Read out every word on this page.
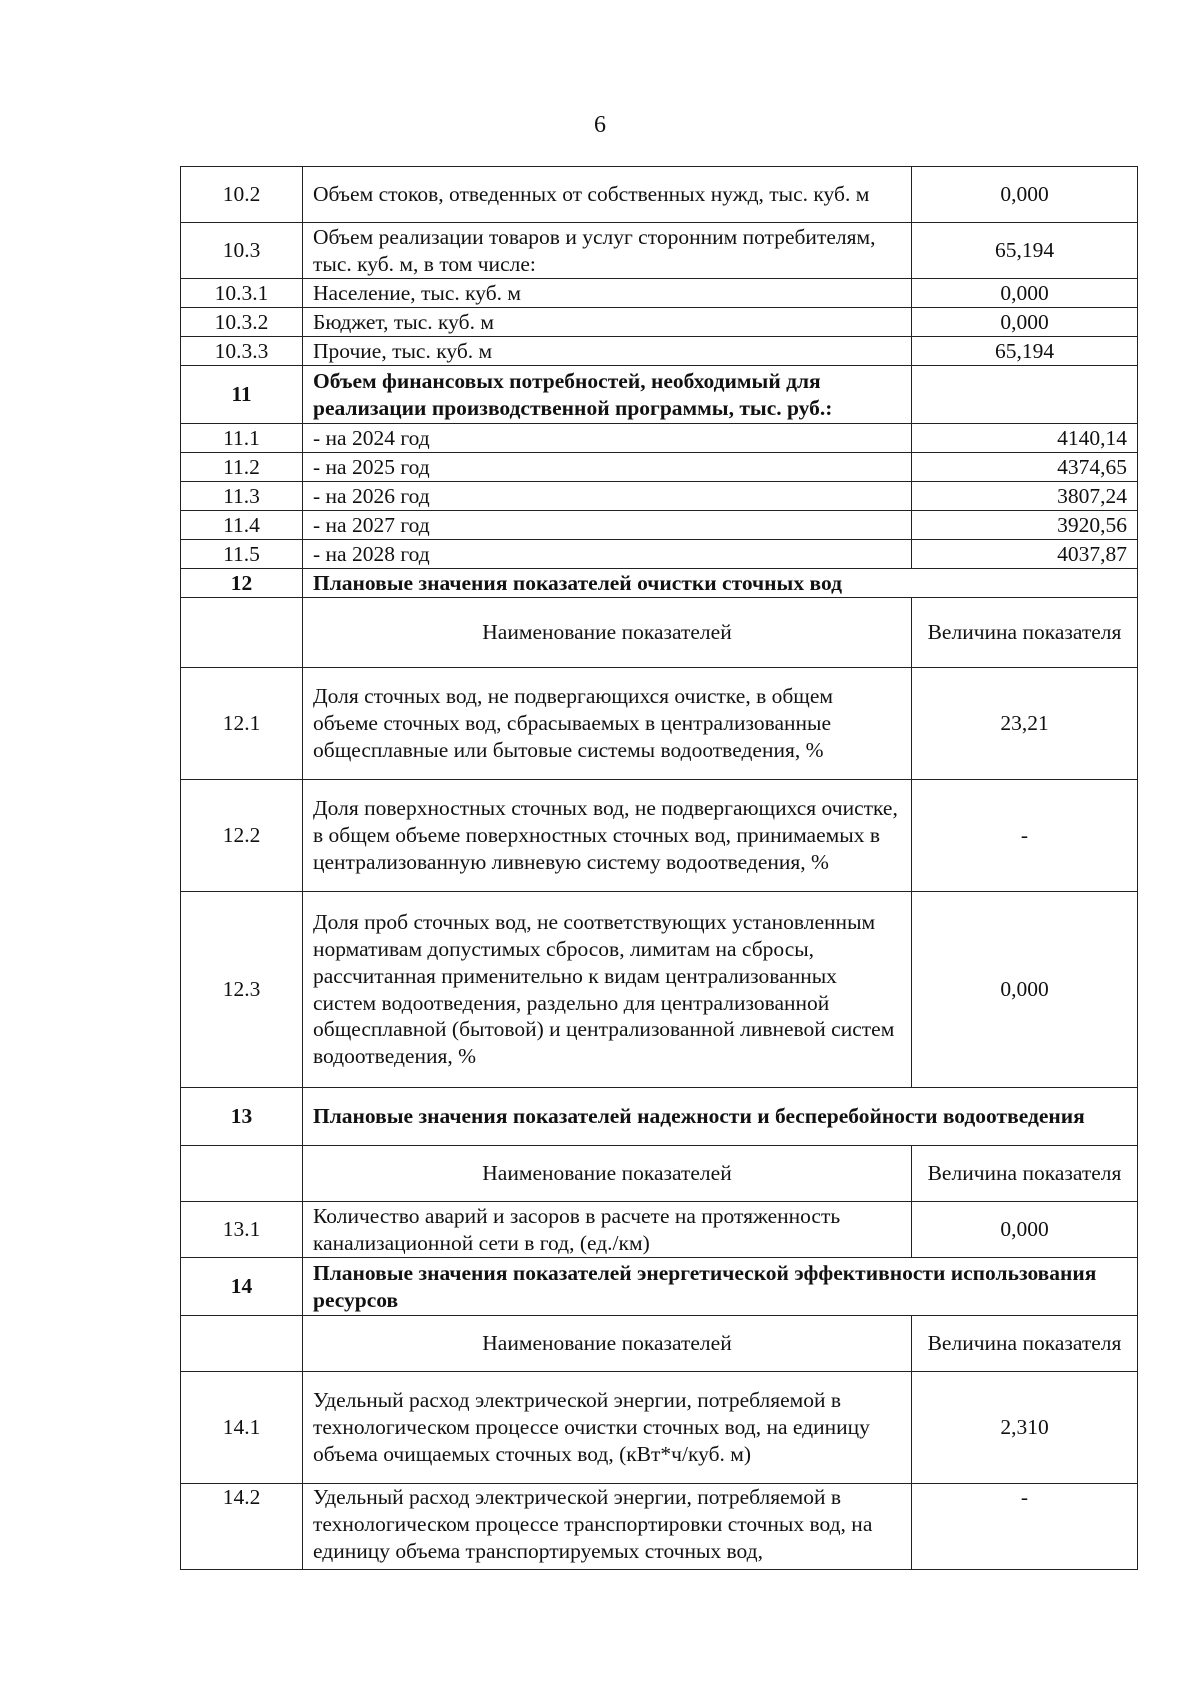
6
10.2	Объем стоков, отведенных от собственных нужд, тыс. куб. м	0,000
10.3	Объем реализации товаров и услуг сторонним потребителям, тыс. куб. м, в том числе:	65,194
10.3.1	Население, тыс. куб. м	0,000
10.3.2	Бюджет, тыс. куб. м	0,000
10.3.3	Прочие, тыс. куб. м	65,194
11	Объем финансовых потребностей, необходимый для реализации производственной программы, тыс. руб.:	
11.1	- на 2024 год	4140,14
11.2	- на 2025 год	4374,65
11.3	- на 2026 год	3807,24
11.4	- на 2027 год	3920,56
11.5	- на 2028 год	4037,87
12	Плановые значения показателей очистки сточных вод	
	Наименование показателей	Величина показателя
12.1	Доля сточных вод, не подвергающихся очистке, в общем объеме сточных вод, сбрасываемых в централизованные общесплавные или бытовые системы водоотведения, %	23,21
12.2	Доля поверхностных сточных вод, не подвергающихся очистке, в общем объеме поверхностных сточных вод, принимаемых в централизованную ливневую систему водоотведения, %	-
12.3	Доля проб сточных вод, не соответствующих установленным нормативам допустимых сбросов, лимитам на сбросы, рассчитанная применительно к видам централизованных систем водоотведения, раздельно для централизованной общесплавной (бытовой) и централизованной ливневой систем водоотведения, %	0,000
13	Плановые значения показателей надежности и бесперебойности водоотведения	
	Наименование показателей	Величина показателя
13.1	Количество аварий и засоров в расчете на протяженность канализационной сети в год, (ед./км)	0,000
14	Плановые значения показателей энергетической эффективности использования ресурсов	
	Наименование показателей	Величина показателя
14.1	Удельный расход электрической энергии, потребляемой в технологическом процессе очистки сточных вод, на единицу объема очищаемых сточных вод, (кВт*ч/куб. м)	2,310
14.2	Удельный расход электрической энергии, потребляемой в технологическом процессе транспортировки сточных вод, на единицу объема транспортируемых сточных вод,	-
